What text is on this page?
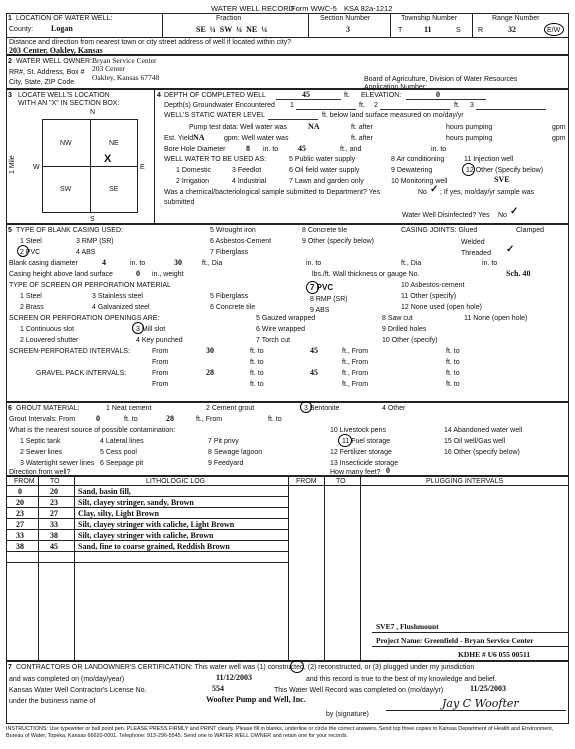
WATER WELL RECORD
Form WWC-5 KSA 82a-1212
1 LOCATION OF WATER WELL:
County: Logan
Fraction
SE ¼ SW ¼ NE ¼
Section Number
3
Township Number
T	11	S
Range Number
R	32	E/W
Distance and direction from nearest town or city street address of well if located within city?
203 Center, Oakley, Kansas
2 WATER WELL OWNER: Bryan Service Center
RR#, St. Address, Box # 203 Center
City, State, ZIP Code
Oakley, Kansas 67748	Board of Agriculture, Division of Water Resources
Application Number:
3 LOCATE WELL'S LOCATION
WITH AN "X" IN SECTION BOX:
N
S
W	E
1 Mile
NW	NE
SW	SE
X
4 DEPTH OF COMPLETED WELL	45	ft. ELEVATION:	0
Depth(s) Groundwater Encountered 1	ft. 2	ft. 3
WELL'S STATIC WATER LEVEL	ft. below land surface measured on mo/day/yr
Pump test data: Well water was	NA	ft. after	hours pumping	gpm
Est. Yield NA	gpm: Well water was	ft. after	hours pumping	gpm
Bore Hole Diameter	8 in. to 45	ft., and	in. to
WELL WATER TO BE USED AS:	5 Public water supply	8 Air conditioning	11 Injection well
1 Domestic	3 Feedlot	6 Oil field water supply	9 Dewatering	12 Other (Specify below)
2 Irrigation	4 Industrial	7 Lawn and garden only	10 Monitoring well	SVE
Was a chemical/bacteriological sample submitted to Department? Yes	No ✓ ; If yes, mo/day/yr sample was
submitted
Water Well Disinfected? Yes No ✓
5 TYPE OF BLANK CASING USED:
1 Steel	3 RMP (SR)
5 Wrought iron	8 Concrete tile
2 PVC	4 ABS
6 Asbestos-Cement	9 Other (specify below)
7 Fiberglass
CASING JOINTS: Glued	Clamped
Welded
Threaded ✓
Blank casing diameter	4	in. to	30	ft., Dia	in. to	ft., Dia	in. to
Casing height above land surface	0 in., weight	lbs./ft. Wall thickness or gauge No.	Sch. 40
TYPE OF SCREEN OR PERFORATION MATERIAL
1 Steel	3 Stainless steel	5 Fiberglass
7 PVC	10 Asbestos-cement
2 Brass	4 Galvanized steel	6 Concrete tile
8 RMP (SR)
9 ABS
11 Other (specify)
12 None used (open hole)
SCREEN OR PERFORATION OPENINGS ARE:	5 Gauzed wrapped	8 Saw cut	11 None (open hole)
1 Continuous slot	3 Mill slot	6 Wire wrapped	9 Drilled holes
2 Louvered shutter	4 Key punched	7 Torch cut	10 Other (specify)
SCREEN-PERFORATED INTERVALS:	From	30	ft. to	45	ft., From	ft. to
From	ft. to	ft., From	ft. to
GRAVEL PACK INTERVALS:	From	28	ft. to	45	ft., From	ft. to
From	ft. to	ft., From	ft. to
6 GROUT MATERIAL:	1 Neat cement	2 Cement grout	3 Bentonite	4 Other
Grout Intervals: From	0	ft. to	28	ft., From	ft. to
What is the nearest source of possible contamination:	10 Livestock pens	14 Abandoned water well
1 Septic tank	4 Lateral lines	7 Pit privy	11 Fuel storage	15 Oil well/Gas well
2 Sewer lines	5 Cess pool	8 Sewage lagoon	12 Fertilizer storage	16 Other (specify below)
3 Watertight sewer lines 6 Seepage pit	9 Feedyard	13 Insecticide storage
Direction from well?	How many feet? 0
FROM TO	LITHOLOGIC LOG	FROM	TO	PLUGGING INTERVALS
0	20	Sand, basin fill,
20	23	Silt, clayey stringer, sandy, Brown
23	27	Clay, silty, Light Brown
27	33	Silt, clayey stringer with caliche, Light Brown
33	38	Silt, clayey stringer with caliche, Brown
38	45	Sand, fine to coarse grained, Reddish Brown
SVE7 , Flushmount
Project Name: Greenfield - Bryan Service Center
KDHE # U6 055 00511
7 CONTRACTORS OR LANDOWNER'S CERTIFICATION: This water well was (1) constructed, (2) reconstructed, or (3) plugged under my jurisdiction
and was completed on (mo/day/year)	11/12/2003	and this record is true to the best of my knowledge and belief.
Kansas Water Well Contractor's License No.	554	This Water Well Record was completed on (mo/day/yr)	11/25/2003
under the business name of	Woofter Pump and Well, Inc.
by (signature)
Jay C Woofter
INSTRUCTIONS: Use typewriter or ball point pen. PLEASE PRESS FIRMLY and PRINT clearly. Please fill in blanks, underline or circle the correct answers. Send top three copies to Kansas Department of Health and Environment, Bureau of Water, Topeka, Kansas 66620-0001. Telephone: 913-296-5545. Send one to WATER WELL OWNER and retain one for your records.
